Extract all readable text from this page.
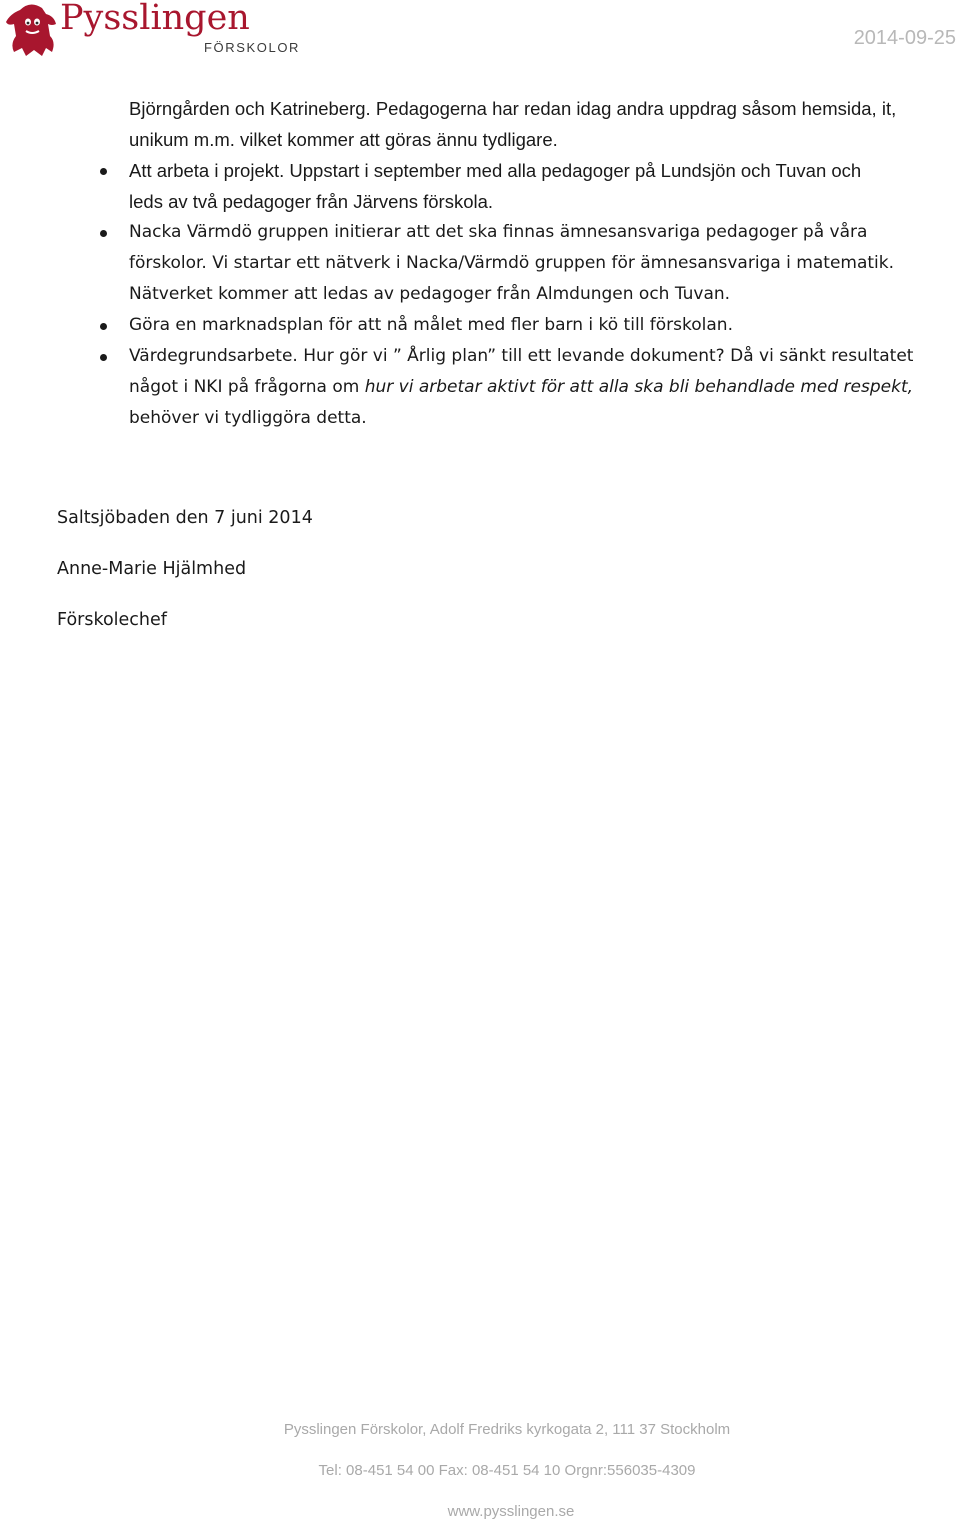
Pysslingen
FÖRSKOLOR	2014-09-25
Björngården och Katrineberg. Pedagogerna har redan idag andra uppdrag såsom hemsida, it,
unikum m.m. vilket kommer att göras ännu tydligare.
Att arbeta i projekt. Uppstart i september med alla pedagoger på Lundsjön och Tuvan och
leds av två pedagoger från Järvens förskola.
Nacka Värmdö gruppen initierar att det ska finnas ämnesansvariga pedagoger på våra
förskolor. Vi startar ett nätverk i Nacka/Värmdö gruppen för ämnesansvariga i matematik.
Nätverket kommer att ledas av pedagoger från Almdungen och Tuvan.
Göra en marknadsplan för att nå målet med fler barn i kö till förskolan.
Värdegrundsarbete. Hur gör vi ” Årlig plan” till ett levande dokument? Då vi sänkt resultatet
något i NKI på frågorna om hur vi arbetar aktivt för att alla ska bli behandlade med respekt,
behöver vi tydliggöra detta.

Saltsjöbaden den 7 juni 2014

Anne-Marie Hjälmhed

Förskolechef

Pysslingen Förskolor, Adolf Fredriks kyrkogata 2, 111 37 Stockholm
Tel: 08-451 54 00 Fax: 08-451 54 10 Orgnr:556035-4309
www.pysslingen.se
